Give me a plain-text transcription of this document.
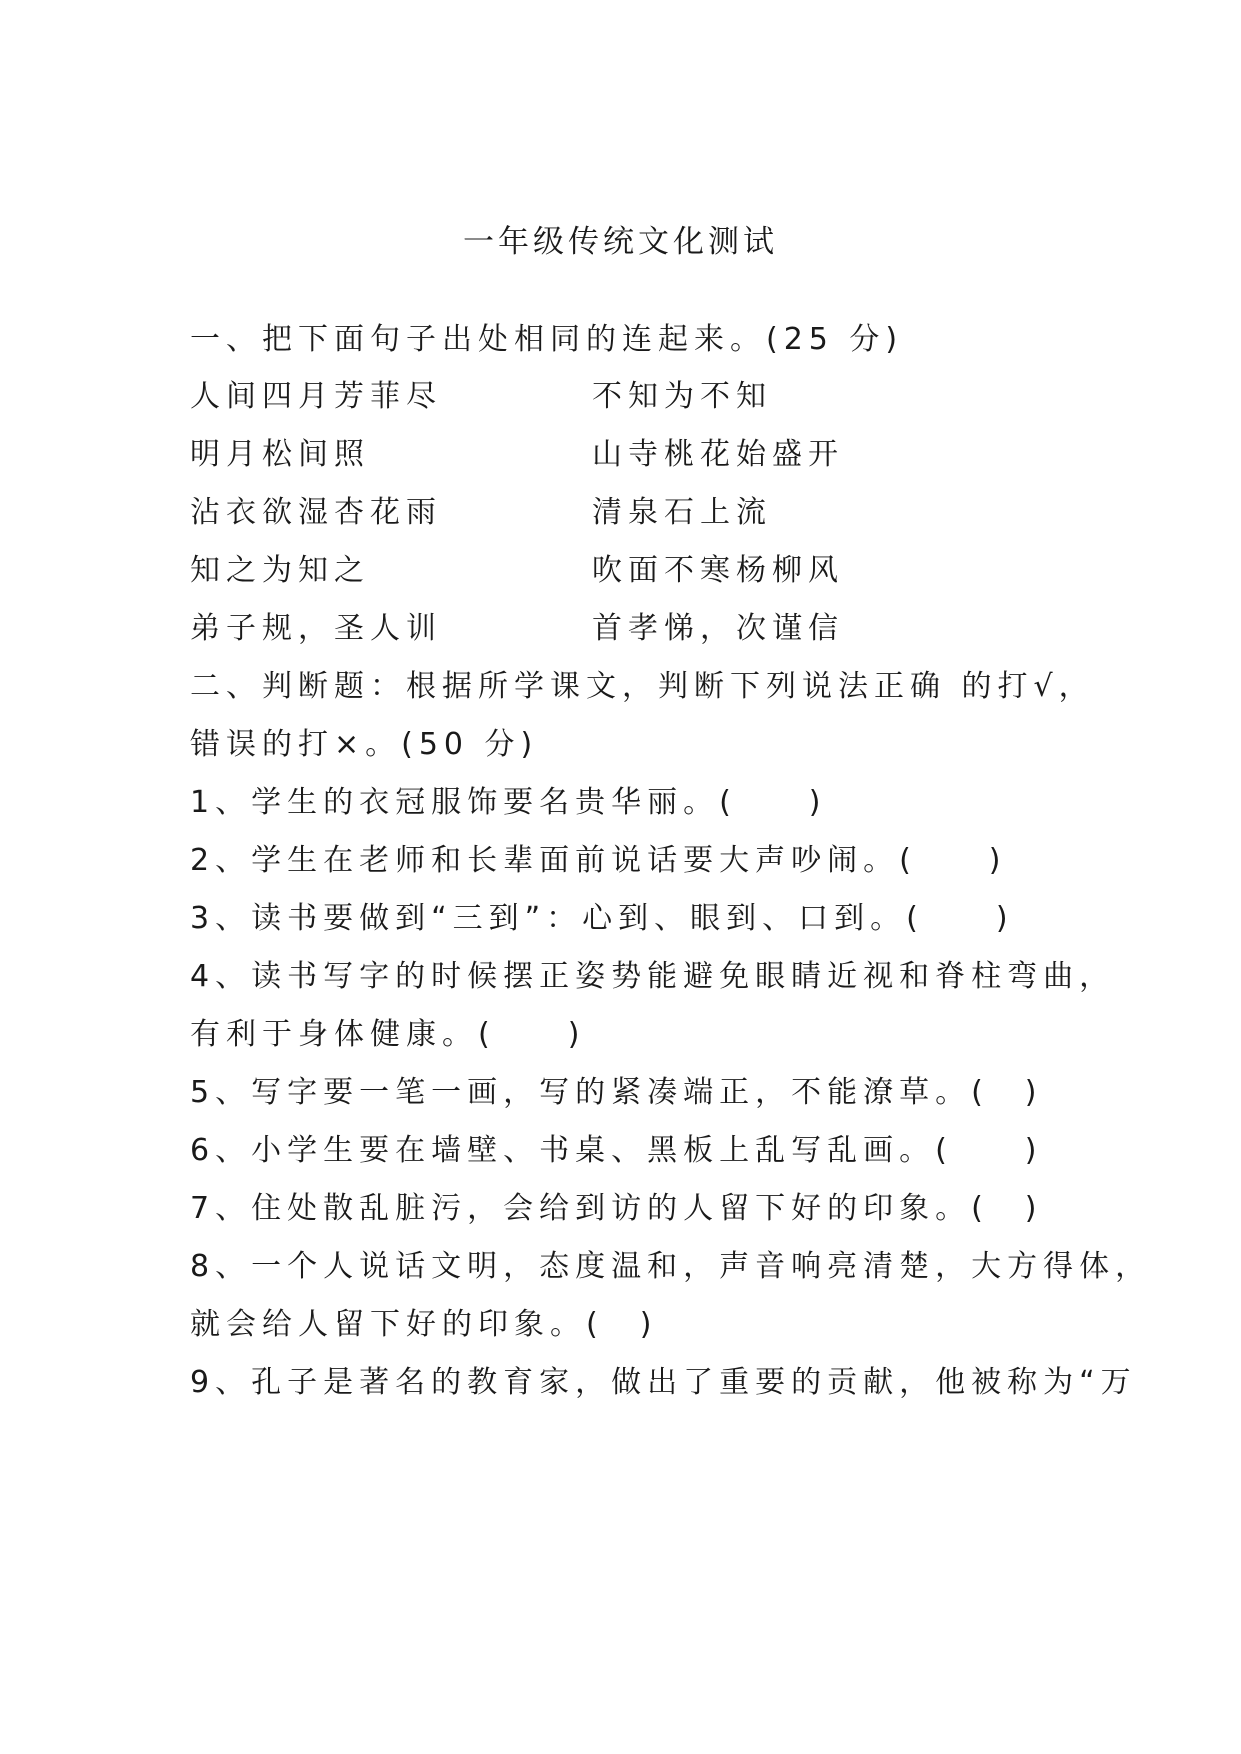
一年级传统文化测试
一、把下面句子出处相同的连起来。(25 分)
人间四月芳菲尽	不知为不知
明月松间照	山寺桃花始盛开
沾衣欲湿杏花雨	清泉石上流
知之为知之	吹面不寒杨柳风
弟子规，圣人训	首孝悌，次谨信
二、判断题：根据所学课文，判断下列说法正确 的打√，
错误的打×。(50 分)
1、学生的衣冠服饰要名贵华丽。(　　)
2、学生在老师和长辈面前说话要大声吵闹。(　　)
3、读书要做到“三到”：心到、眼到、口到。(　　)
4、读书写字的时候摆正姿势能避免眼睛近视和脊柱弯曲，
有利于身体健康。(　　)
5、写字要一笔一画，写的紧凑端正，不能潦草。(　)
6、小学生要在墙壁、书桌、黑板上乱写乱画。(　　)
7、住处散乱脏污，会给到访的人留下好的印象。(　)
8、一个人说话文明，态度温和，声音响亮清楚，大方得体，
就会给人留下好的印象。(　)
9、孔子是著名的教育家，做出了重要的贡献，他被称为“万
